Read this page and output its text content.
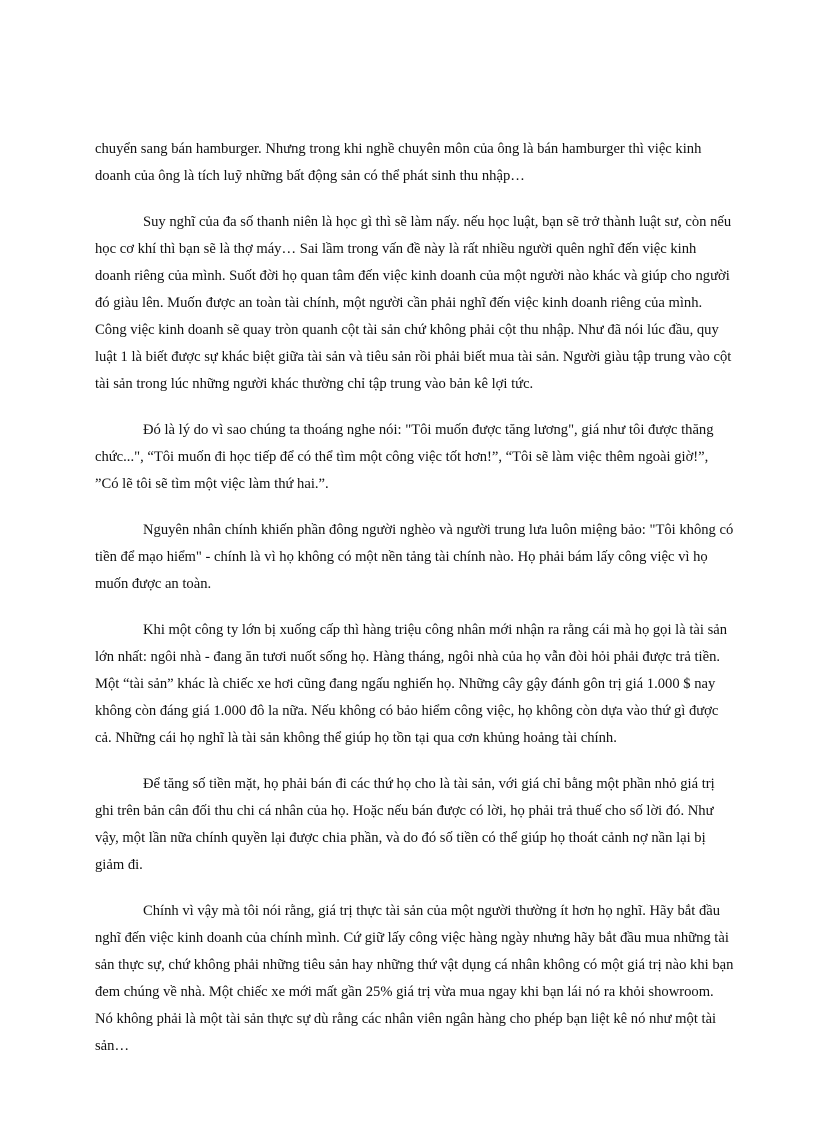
chuyển sang bán hamburger. Nhưng trong khi nghề chuyên môn của ông là bán hamburger thì việc kinh doanh của ông là tích luỹ những bất động sản có thể phát sinh thu nhập…

Suy nghĩ của đa số thanh niên là học gì thì sẽ làm nấy. nếu học luật, bạn sẽ trở thành luật sư, còn nếu học cơ khí thì bạn sẽ là thợ máy… Sai lầm trong vấn đề này là rất nhiều người quên nghĩ đến việc kinh doanh riêng của mình. Suốt đời họ quan tâm đến việc kinh doanh của một người nào khác và giúp cho người đó giàu lên. Muốn được an toàn tài chính, một người cần phải nghĩ đến việc kinh doanh riêng của mình. Công việc kinh doanh sẽ quay tròn quanh cột tài sản chứ không phải cột thu nhập. Như đã nói lúc đầu, quy luật 1 là biết được sự khác biệt giữa tài sản và tiêu sản rồi phải biết mua tài sản. Người giàu tập trung vào cột tài sản trong lúc những người khác thường chỉ tập trung vào bản kê lợi tức.

Đó là lý do vì sao chúng ta thoáng nghe nói: "Tôi muốn được tăng lương", giá như tôi được thăng chức...", “Tôi muốn đi học tiếp để có thể tìm một công việc tốt hơn!”, “Tôi sẽ làm việc thêm ngoài giờ!”, ”Có lẽ tôi sẽ tìm một việc làm thứ hai.”.

Nguyên nhân chính khiến phần đông người nghèo và người trung lưa luôn miệng bảo: "Tôi không có tiền để mạo hiểm" - chính là vì họ không có một nền tảng tài chính nào. Họ phải bám lấy công việc vì họ muốn được an toàn.

Khi một công ty lớn bị xuống cấp thì hàng triệu công nhân mới nhận ra rằng cái mà họ gọi là tài sản lớn nhất: ngôi nhà - đang ăn tươi nuốt sống họ. Hàng tháng, ngôi nhà của họ vẫn đòi hỏi phải được trả tiền. Một “tài sản” khác là chiếc xe hơi cũng đang ngấu nghiến họ. Những cây gậy đánh gôn trị giá 1.000 $ nay không còn đáng giá 1.000 đô la nữa. Nếu không có bảo hiểm công việc, họ không còn dựa vào thứ gì được cả. Những cái họ nghĩ là tài sản không thể giúp họ tồn tại qua cơn khủng hoảng tài chính.

Để tăng số tiền mặt, họ phải bán đi các thứ họ cho là tài sản, với giá chỉ bằng một phần nhỏ giá trị ghi trên bản cân đối thu chi cá nhân của họ. Hoặc nếu bán được có lời, họ phải trả thuế cho số lời đó. Như vậy, một lần nữa chính quyền lại được chia phần, và do đó số tiền có thể giúp họ thoát cảnh nợ nần lại bị giảm đi.

Chính vì vậy mà tôi nói rằng, giá trị thực tài sản của một người thường ít hơn họ nghĩ. Hãy bắt đầu nghĩ đến việc kinh doanh của chính mình. Cứ giữ lấy công việc hàng ngày nhưng hãy bắt đầu mua những tài sản thực sự, chứ không phải những tiêu sản hay những thứ vật dụng cá nhân không có một giá trị nào khi bạn đem chúng về nhà. Một chiếc xe mới mất gần 25% giá trị vừa mua ngay khi bạn lái nó ra khỏi showroom. Nó không phải là một tài sản thực sự dù rằng các nhân viên ngân hàng cho phép bạn liệt kê nó như một tài sản…
